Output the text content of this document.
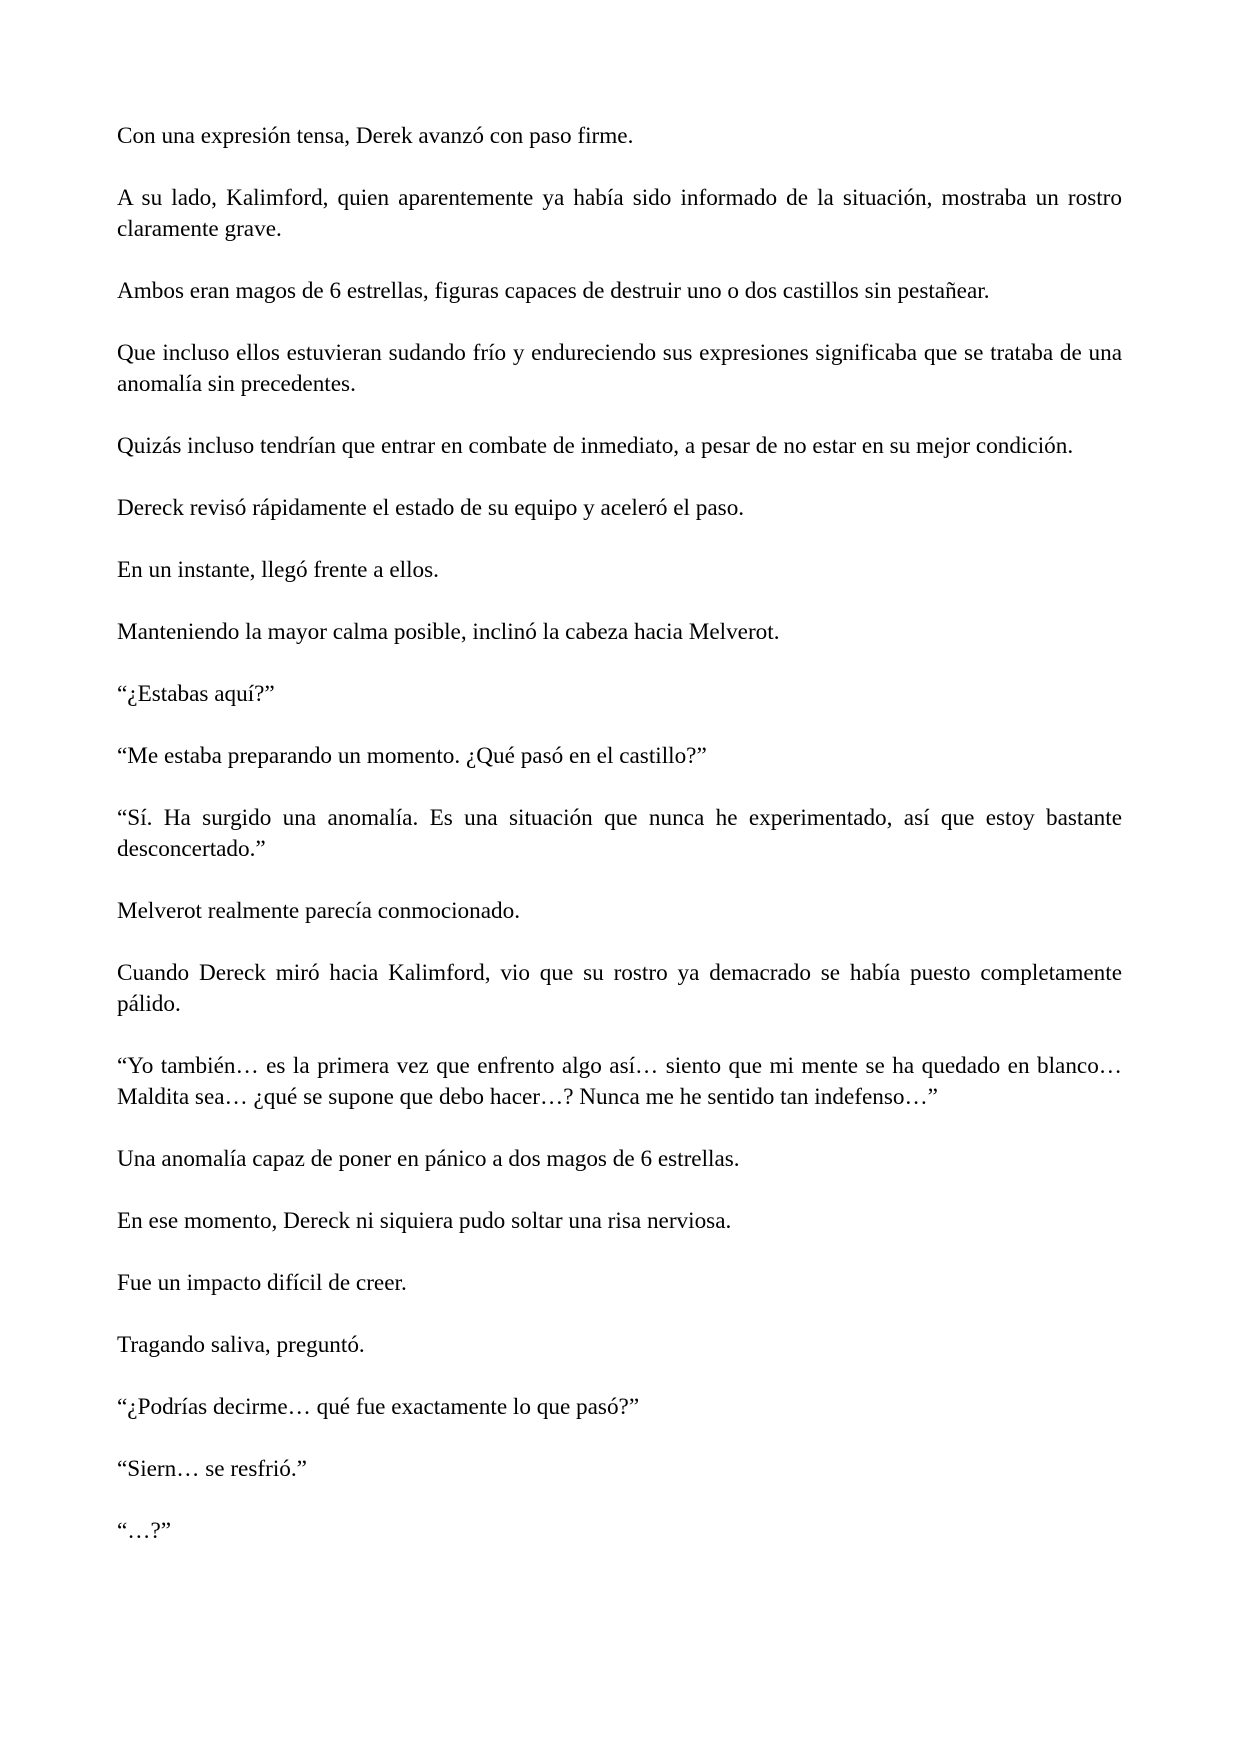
Con una expresión tensa, Derek avanzó con paso firme.

A su lado, Kalimford, quien aparentemente ya había sido informado de la situación, mostraba un rostro claramente grave.

Ambos eran magos de 6 estrellas, figuras capaces de destruir uno o dos castillos sin pestañear.

Que incluso ellos estuvieran sudando frío y endureciendo sus expresiones significaba que se trataba de una anomalía sin precedentes.

Quizás incluso tendrían que entrar en combate de inmediato, a pesar de no estar en su mejor condición.

Dereck revisó rápidamente el estado de su equipo y aceleró el paso.

En un instante, llegó frente a ellos.

Manteniendo la mayor calma posible, inclinó la cabeza hacia Melverot.

“¿Estabas aquí?”

“Me estaba preparando un momento. ¿Qué pasó en el castillo?”

“Sí. Ha surgido una anomalía. Es una situación que nunca he experimentado, así que estoy bastante desconcertado.”

Melverot realmente parecía conmocionado.

Cuando Dereck miró hacia Kalimford, vio que su rostro ya demacrado se había puesto completamente pálido.

“Yo también… es la primera vez que enfrento algo así… siento que mi mente se ha quedado en blanco… Maldita sea… ¿qué se supone que debo hacer…? Nunca me he sentido tan indefenso…”

Una anomalía capaz de poner en pánico a dos magos de 6 estrellas.

En ese momento, Dereck ni siquiera pudo soltar una risa nerviosa.

Fue un impacto difícil de creer.

Tragando saliva, preguntó.

“¿Podrías decirme… qué fue exactamente lo que pasó?”

“Siern… se resfrió.”

“…?”
